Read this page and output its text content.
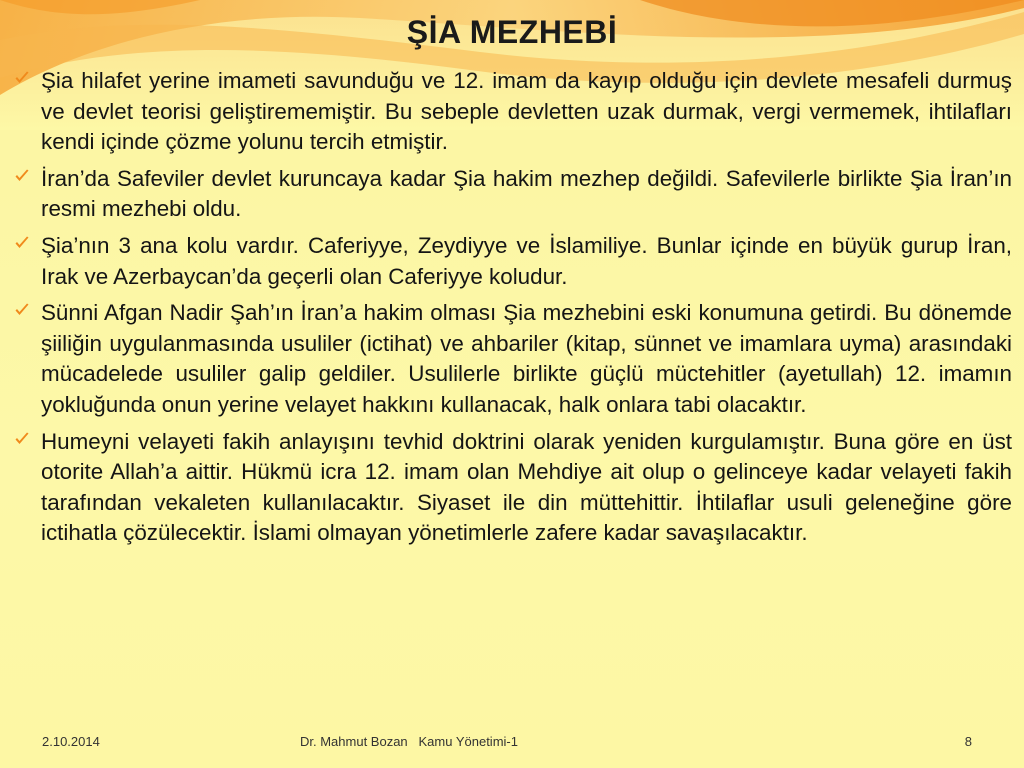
ŞİA MEZHEBİ

Şia hilafet yerine imameti savunduğu ve 12. imam da kayıp olduğu için devlete mesafeli durmuş ve devlet teorisi geliştirememiştir. Bu sebeple devletten uzak durmak, vergi vermemek, ihtilafları kendi içinde çözme yolunu tercih etmiştir.

İran’da Safeviler devlet kuruncaya kadar Şia hakim mezhep değildi. Safevilerle birlikte Şia İran’ın resmi mezhebi oldu.

Şia’nın 3 ana kolu vardır. Caferiyye, Zeydiyye ve İslamiliye. Bunlar içinde en büyük gurup İran, Irak ve Azerbaycan’da geçerli olan Caferiyye koludur.

Sünni Afgan Nadir Şah’ın İran’a hakim olması Şia mezhebini eski konumuna getirdi. Bu dönemde şiiliğin uygulanmasında usuliler (ictihat) ve ahbariler (kitap, sünnet ve imamlara uyma) arasındaki mücadelede usuliler galip geldiler. Usulilerle birlikte güçlü müctehitler (ayetullah) 12. imamın yokluğunda onun yerine velayet hakkını kullanacak, halk onlara tabi olacaktır.

Humeyni velayeti fakih anlayışını tevhid doktrini olarak yeniden kurgulamıştır. Buna göre en üst otorite Allah’a aittir. Hükmü icra 12. imam olan Mehdiye ait olup o gelinceye kadar velayeti fakih tarafından vekaleten kullanılacaktır. Siyaset ile din müttehittir. İhtilaflar usuli geleneğine göre ictihatla çözülecektir. İslami olmayan yönetimlerle zafere kadar savaşılacaktır.

2.10.2014	Dr. Mahmut Bozan   Kamu Yönetimi-1	8
